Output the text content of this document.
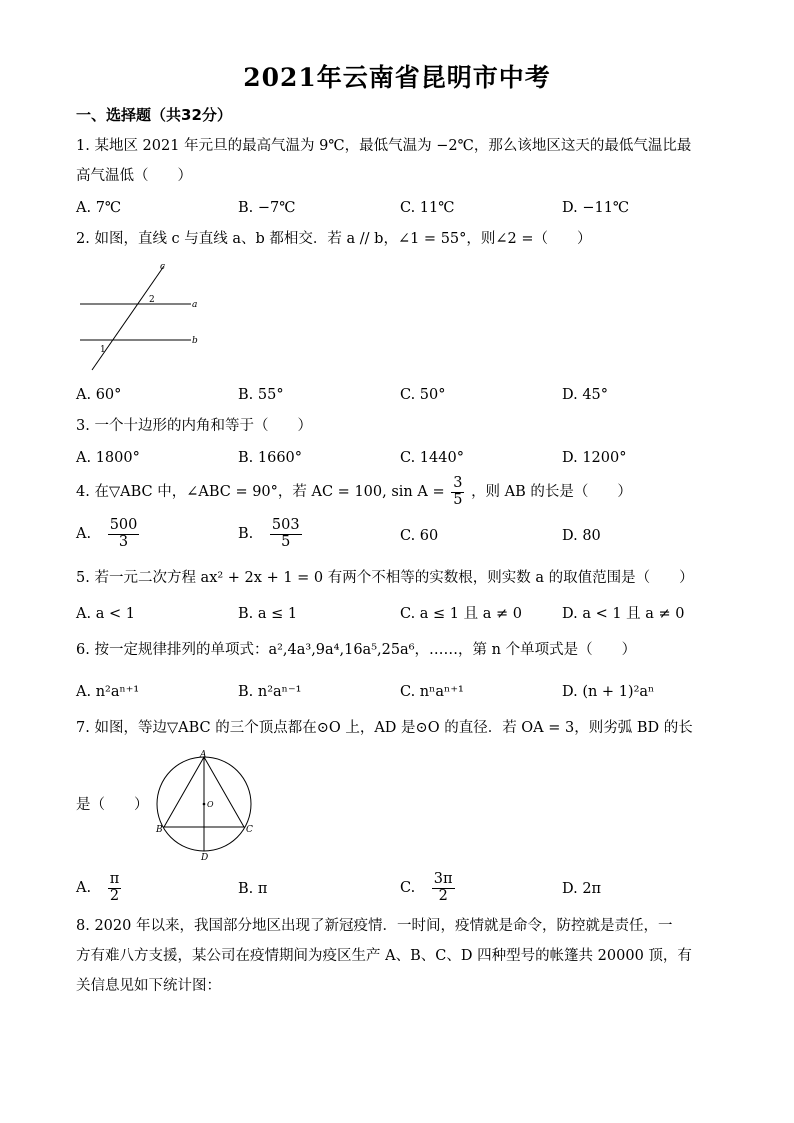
2021年云南省昆明市中考
一、选择题（共32分）
1. 某地区 2021 年元旦的最高气温为 9℃，最低气温为 −2℃，那么该地区这天的最低气温比最
高气温低（　　）
A. 7℃	B. −7℃	C. 11℃	D. −11℃
2. 如图，直线 c 与直线 a、b 都相交．若 a // b，∠1 = 55°，则∠2 =（　　）
c
a
b
2
1
A. 60°	B. 55°	C. 50°	D. 45°
3. 一个十边形的内角和等于（　　）
A. 1800°	B. 1660°	C. 1440°	D. 1200°
4. 在▽ABC 中，∠ABC = 90°，若 AC = 100, $\sin A = \frac{3}{5}$ ，则 AB 的长是（　　）
A. $\frac{500}{3}$	B. $\frac{503}{5}$	C. 60	D. 80
5. 若一元二次方程 ax² + 2x + 1 = 0 有两个不相等的实数根，则实数 a 的取值范围是（　　）
A. a < 1	B. a ≤ 1	C. a ≤ 1 且 a ≠ 0	D. a < 1 且 a ≠ 0
6. 按一定规律排列的单项式：a²,4a³,9a⁴,16a⁵,25a⁶，……，第 n 个单项式是（　　）
A. n²aⁿ⁺¹	B. n²aⁿ⁻¹	C. nⁿaⁿ⁺¹	D. (n + 1)²aⁿ
7. 如图，等边▽ABC 的三个顶点都在⊙O 上，AD 是⊙O 的直径．若 OA = 3，则劣弧 BD 的长
A
B	C
D
O
是（　　）
A. $\frac{\pi}{2}$	B. π	C. $\frac{3\pi}{2}$	D. 2π
8. 2020 年以来，我国部分地区出现了新冠疫情．一时间，疫情就是命令，防控就是责任，一
方有难八方支援，某公司在疫情期间为疫区生产 A、B、C、D 四种型号的帐篷共 20000 顶，有
关信息见如下统计图：
